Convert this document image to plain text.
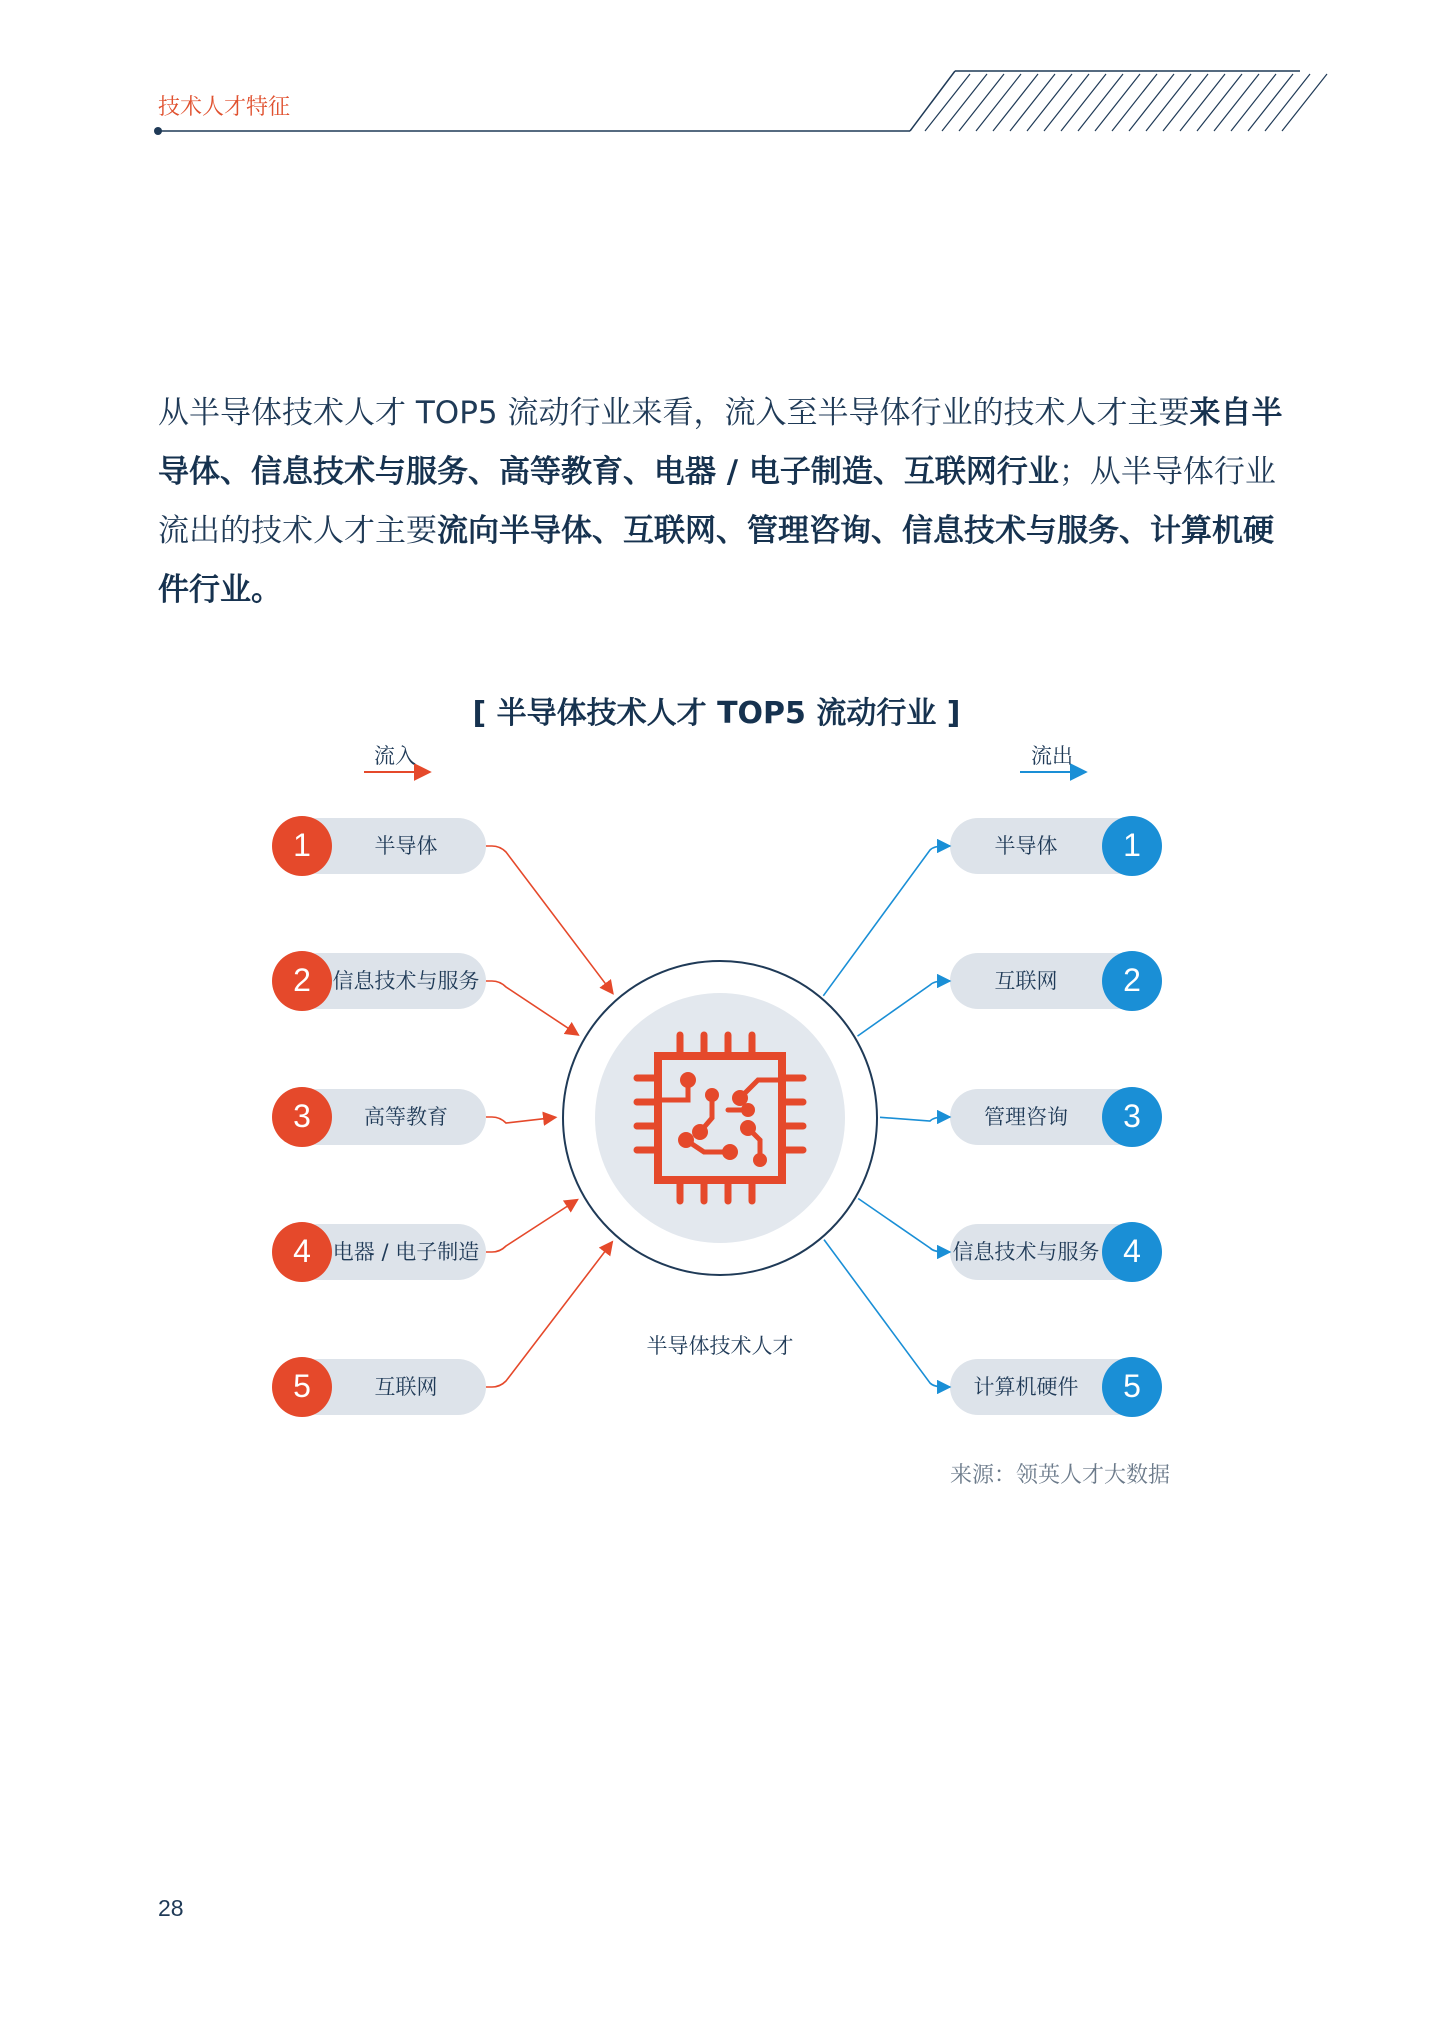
技术人才特征
从半导体技术人才 TOP5 流动行业来看，流入至半导体行业的技术人才主要来自半导体、信息技术与服务、高等教育、电器 / 电子制造、互联网行业；从半导体行业流出的技术人才主要流向半导体、互联网、管理咨询、信息技术与服务、计算机硬件行业。
[ 半导体技术人才 TOP5 流动行业 ]
流入	流出
半导体技术人才
1	半导体
2	信息技术与服务
3	高等教育
4	电器 / 电子制造
5	互联网
1
半导体
2
互联网
3
管理咨询
4
信息技术与服务
5
计算机硬件
来源：领英人才大数据
28
